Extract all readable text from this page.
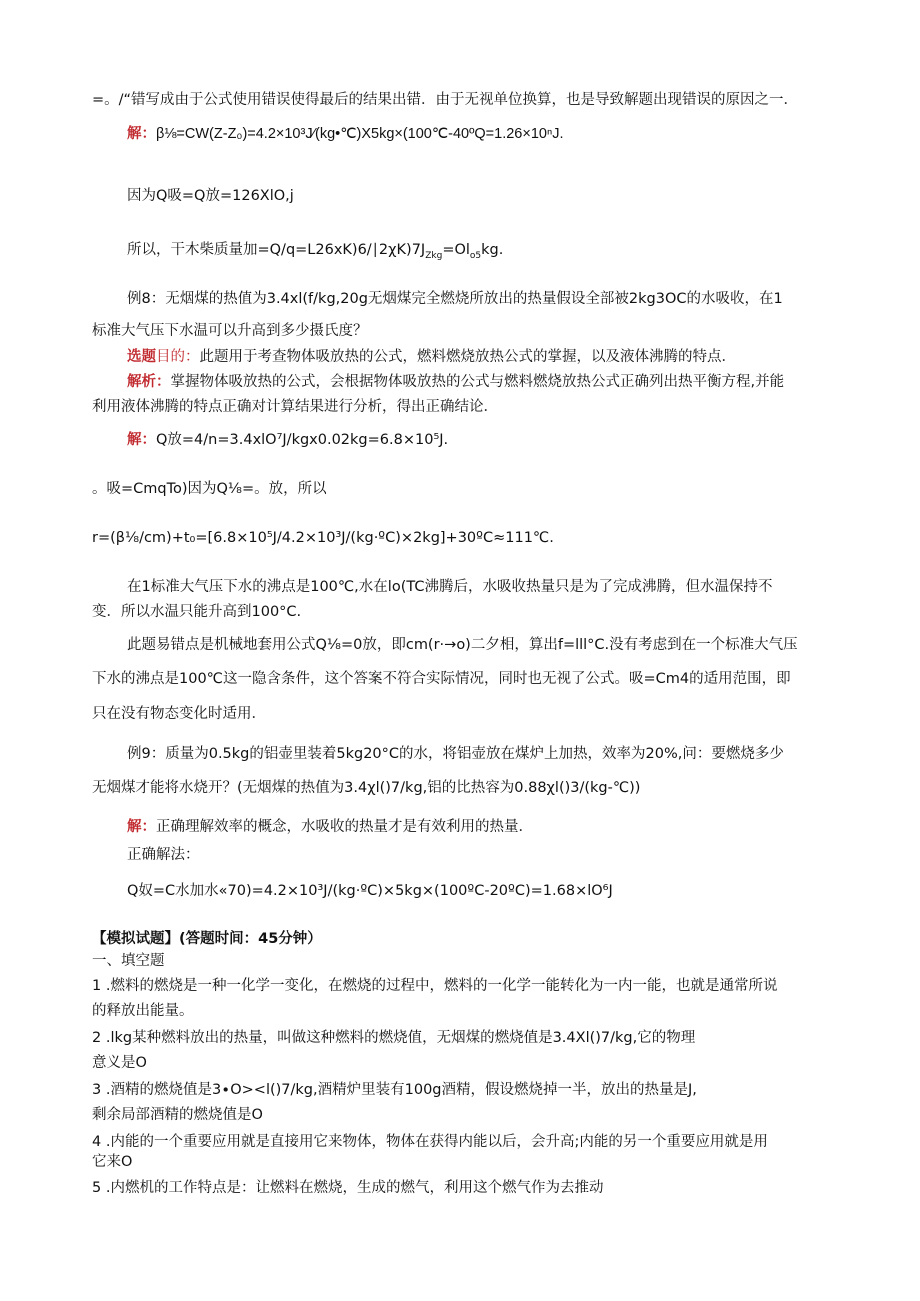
=。/“错写成由于公式使用错误使得最后的结果出错．由于无视单位换算，也是导致解题出现错误的原因之一．
解：β⅛=CW(Z-Z₀)=4.2×10³J∕(kg•℃)X5kg×(100℃-40ºQ=1.26×10ⁿJ.
因为Q吸=Q放=126XlO,j
所以，干木柴质量加$=Q∕q=L26xK)6∕∣2\chi K)7J_{Zkg}=Ol_{o5}kg$.
例8：无烟煤的热值为3.4xl(f∕kg,20g无烟煤完全燃烧所放出的热量假设全部被2kg3OC的水吸收，在1
标准大气压下水温可以升高到多少摄氏度？
选题目的：此题用于考查物体吸放热的公式，燃料燃烧放热公式的掌握，以及液体沸腾的特点．
解析：掌握物体吸放热的公式，会根据物体吸放热的公式与燃料燃烧放热公式正确列出热平衡方程,并能
利用液体沸腾的特点正确对计算结果进行分析，得出正确结论．
解：Q放=4∕n=3.4xlO⁷J∕kgx0.02kg=6.8×10⁵J.
。吸=CmqTo)因为Q⅛=。放，所以
r=(β⅛∕cm)+t₀=[6.8×10⁵J∕4.2×10³J∕(kg·ºC)×2kg]+30ºC≈111℃.
在1标准大气压下水的沸点是100℃,水在lo(TC沸腾后，水吸收热量只是为了完成沸腾，但水温保持不
变．所以水温只能升高到100°C.
此题易错点是机械地套用公式Q⅛=0放，即cm(r·→o)二夕相，算出f=lll°C.没有考虑到在一个标准大气压
下水的沸点是100℃这一隐含条件，这个答案不符合实际情况，同时也无视了公式。吸=Cm4的适用范围，即
只在没有物态变化时适用．
例9：质量为0.5kg的铝壶里装着5kg20°C的水，将铝壶放在煤炉上加热，效率为20%,问：要燃烧多少
无烟煤才能将水烧开？(无烟煤的热值为3.4χl()7∕kg,铝的比热容为0.88χl()3∕(kg-℃))
解：正确理解效率的概念，水吸收的热量才是有效利用的热量．
正确解法：
Q奴=C水加水«70)=4.2×10³J∕(kg·ºC)×5kg×(100ºC-20ºC)=1.68×lO⁶J
【模拟试题】(答题时间：45分钟）
一、填空题
1 .燃料的燃烧是一种一化学一变化，在燃烧的过程中，燃料的一化学一能转化为一内一能，也就是通常所说
的释放出能量。
2 .lkg某种燃料放出的热量，叫做这种燃料的燃烧值，无烟煤的燃烧值是3.4Xl()7∕kg,它的物理
意义是O
3 .酒精的燃烧值是3∙O><l()7∕kg,酒精炉里装有100g酒精，假设燃烧掉一半，放出的热量是J,
剩余局部酒精的燃烧值是O
4 .内能的一个重要应用就是直接用它来物体，物体在获得内能以后，会升高;内能的另一个重要应用就是用
它来O
5 .内燃机的工作特点是：让燃料在燃烧，生成的燃气，利用这个燃气作为去推动
